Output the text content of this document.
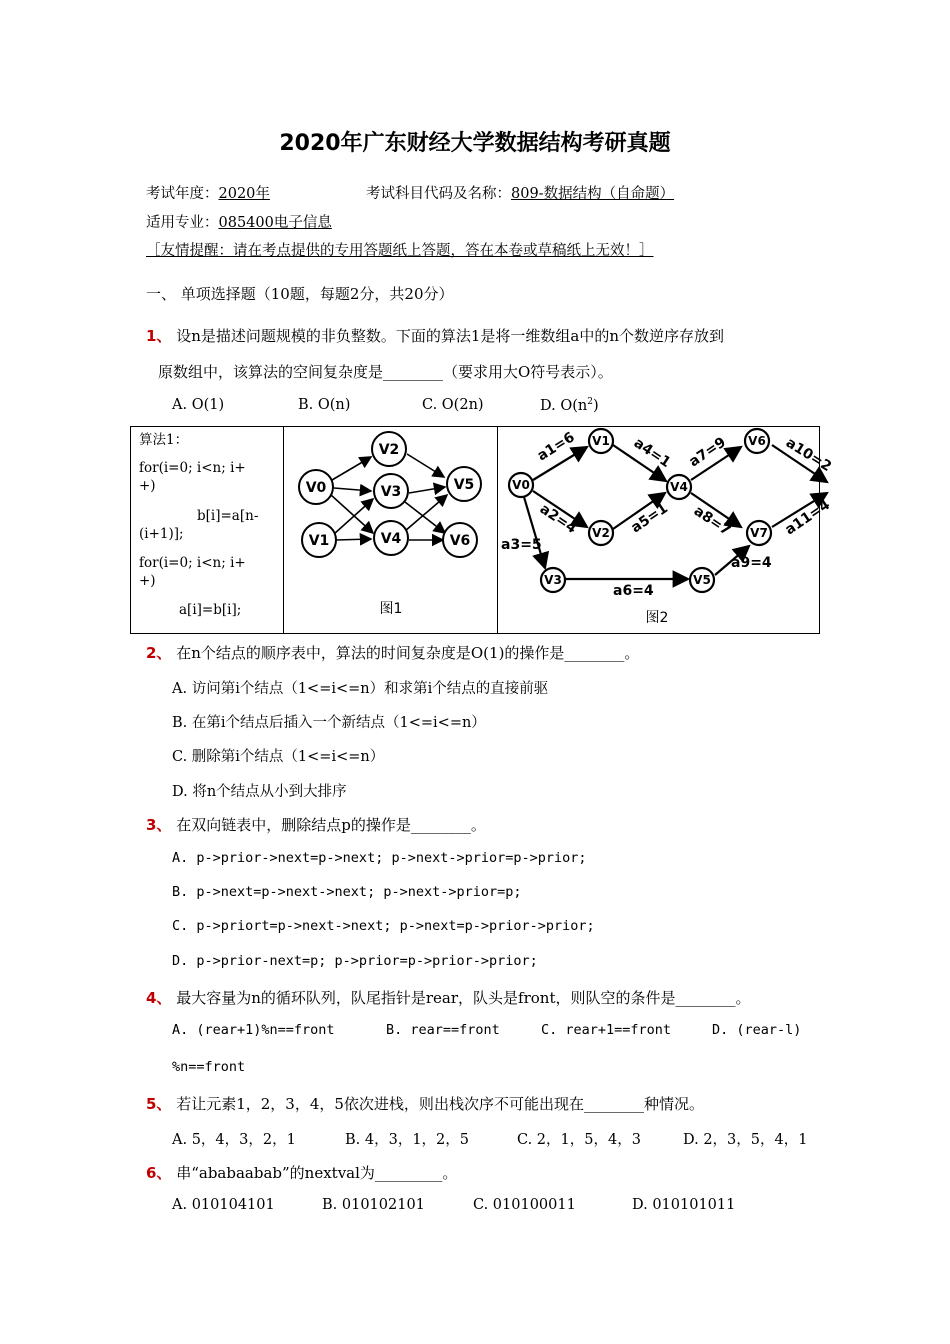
2020年广东财经大学数据结构考研真题
考试年度：2020年	考试科目代码及名称：809-数据结构（自命题）
适用专业：085400电子信息
［友情提醒：请在考点提供的专用答题纸上答题，答在本卷或草稿纸上无效！］
一、 单项选择题（10题，每题2分，共20分）
1、 设n是描述问题规模的非负整数。下面的算法1是将一维数组a中的n个数逆序存放到
原数组中，该算法的空间复杂度是________（要求用大O符号表示）。
A. O(1)	B. O(n)	C. O(2n)	D. $O(n^2)$
算法1：
for(i=0; i<n; i+
+)
b[i]=a[n-
(i+1)];
for(i=0; i<n; i+
+)
a[i]=b[i];
V2
V0	V3	V5
V1	V4	V6
图1
V0
V1
V2
V3
V4
V5
V6
V7
a1=6
a2=4
a3=5
a4=1
a5=1
a6=4
a7=9
a8=7
a9=4
a10=2
a11=4
图2
2、 在n个结点的顺序表中，算法的时间复杂度是O(1)的操作是________。
A. 访问第i个结点（1<=i<=n）和求第i个结点的直接前驱
B. 在第i个结点后插入一个新结点（1<=i<=n）
C. 删除第i个结点（1<=i<=n）
D. 将n个结点从小到大排序
3、 在双向链表中，删除结点p的操作是________。
A. p->prior->next=p->next; p->next->prior=p->prior;
B. p->next=p->next->next; p->next->prior=p;
C. p->priort=p->next->next; p->next=p->prior->prior;
D. p->prior-next=p; p->prior=p->prior->prior;
4、 最大容量为n的循环队列，队尾指针是rear，队头是front，则队空的条件是________。
A. (rear+1)%n==front	B. rear==front	C. rear+1==front	D. (rear-l)
%n==front
5、 若让元素1，2，3，4，5依次进栈，则出栈次序不可能出现在________种情况。
A. 5，4，3，2，1	B. 4，3，1，2，5	C. 2，1，5，4，3	D. 2，3，5，4，1
6、 串“ababaabab”的nextval为_________。
A. 010104101	B. 010102101	C. 010100011	D. 010101011
